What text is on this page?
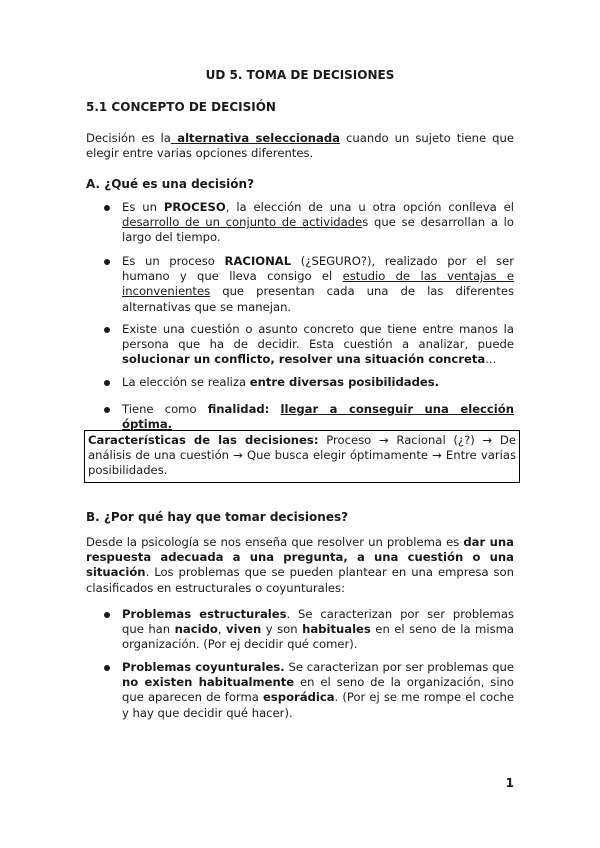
UD 5. TOMA DE DECISIONES
5.1 CONCEPTO DE DECISIÓN
Decisión es la alternativa seleccionada cuando un sujeto tiene que elegir entre varias opciones diferentes.
A. ¿Qué es una decisión?
Es un PROCESO, la elección de una u otra opción conlleva el desarrollo de un conjunto de actividades que se desarrollan a lo largo del tiempo.
Es un proceso RACIONAL (¿SEGURO?), realizado por el ser humano y que lleva consigo el estudio de las ventajas e inconvenientes que presentan cada una de las diferentes alternativas que se manejan.
Existe una cuestión o asunto concreto que tiene entre manos la persona que ha de decidir. Esta cuestión a analizar, puede solucionar un conflicto, resolver una situación concreta...
La elección se realiza entre diversas posibilidades.
Tiene como finalidad: llegar a conseguir una elección óptima.
Características de las decisiones: Proceso → Racional (¿?) → De análisis de una cuestión → Que busca elegir óptimamente → Entre varias posibilidades.
B. ¿Por qué hay que tomar decisiones?
Desde la psicología se nos enseña que resolver un problema es dar una respuesta adecuada a una pregunta, a una cuestión o una situación. Los problemas que se pueden plantear en una empresa son clasificados en estructurales o coyunturales:
Problemas estructurales. Se caracterizan por ser problemas que han nacido, viven y son habituales en el seno de la misma organización. (Por ej decidir qué comer).
Problemas coyunturales. Se caracterizan por ser problemas que no existen habitualmente en el seno de la organización, sino que aparecen de forma esporádica. (Por ej se me rompe el coche y hay que decidir qué hacer).
1
